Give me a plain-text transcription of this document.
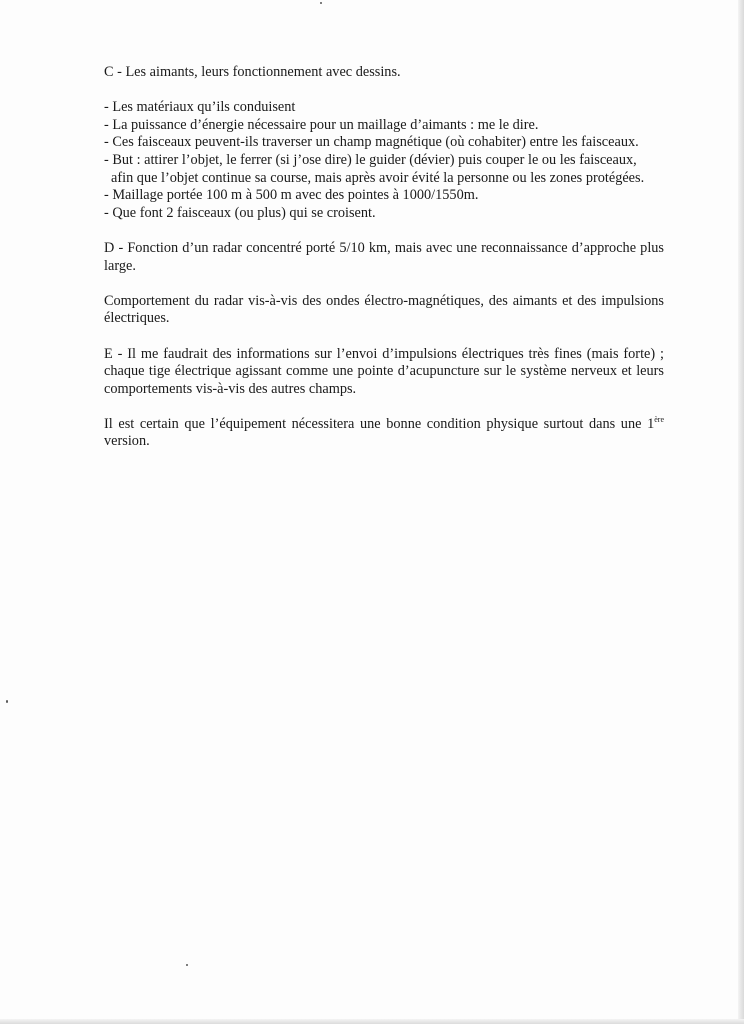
C - Les aimants, leurs fonctionnement avec dessins.

- Les matériaux qu’ils conduisent

- La puissance d’énergie nécessaire pour un maillage d’aimants : me le dire.

- Ces faisceaux peuvent-ils traverser un champ magnétique (où cohabiter) entre les faisceaux.

- But : attirer l’objet, le ferrer (si j’ose dire) le guider (dévier) puis couper le ou les faisceaux,

afin que l’objet continue sa course, mais après avoir évité la personne ou les zones protégées.

- Maillage portée 100 m à 500 m avec des pointes à 1000/1550m.

- Que font 2 faisceaux (ou plus) qui se croisent.

D - Fonction d’un radar concentré porté 5/10 km, mais avec une reconnaissance d’approche plus large.

Comportement du radar vis-à-vis des ondes électro-magnétiques, des aimants et des impulsions électriques.

E - Il me faudrait des informations sur l’envoi d’impulsions électriques très fines (mais forte) ; chaque tige électrique agissant comme une pointe d’acupuncture sur le système nerveux et leurs comportements vis-à-vis des autres champs.

Il est certain que l’équipement nécessitera une bonne condition physique surtout dans une 1ère version.
